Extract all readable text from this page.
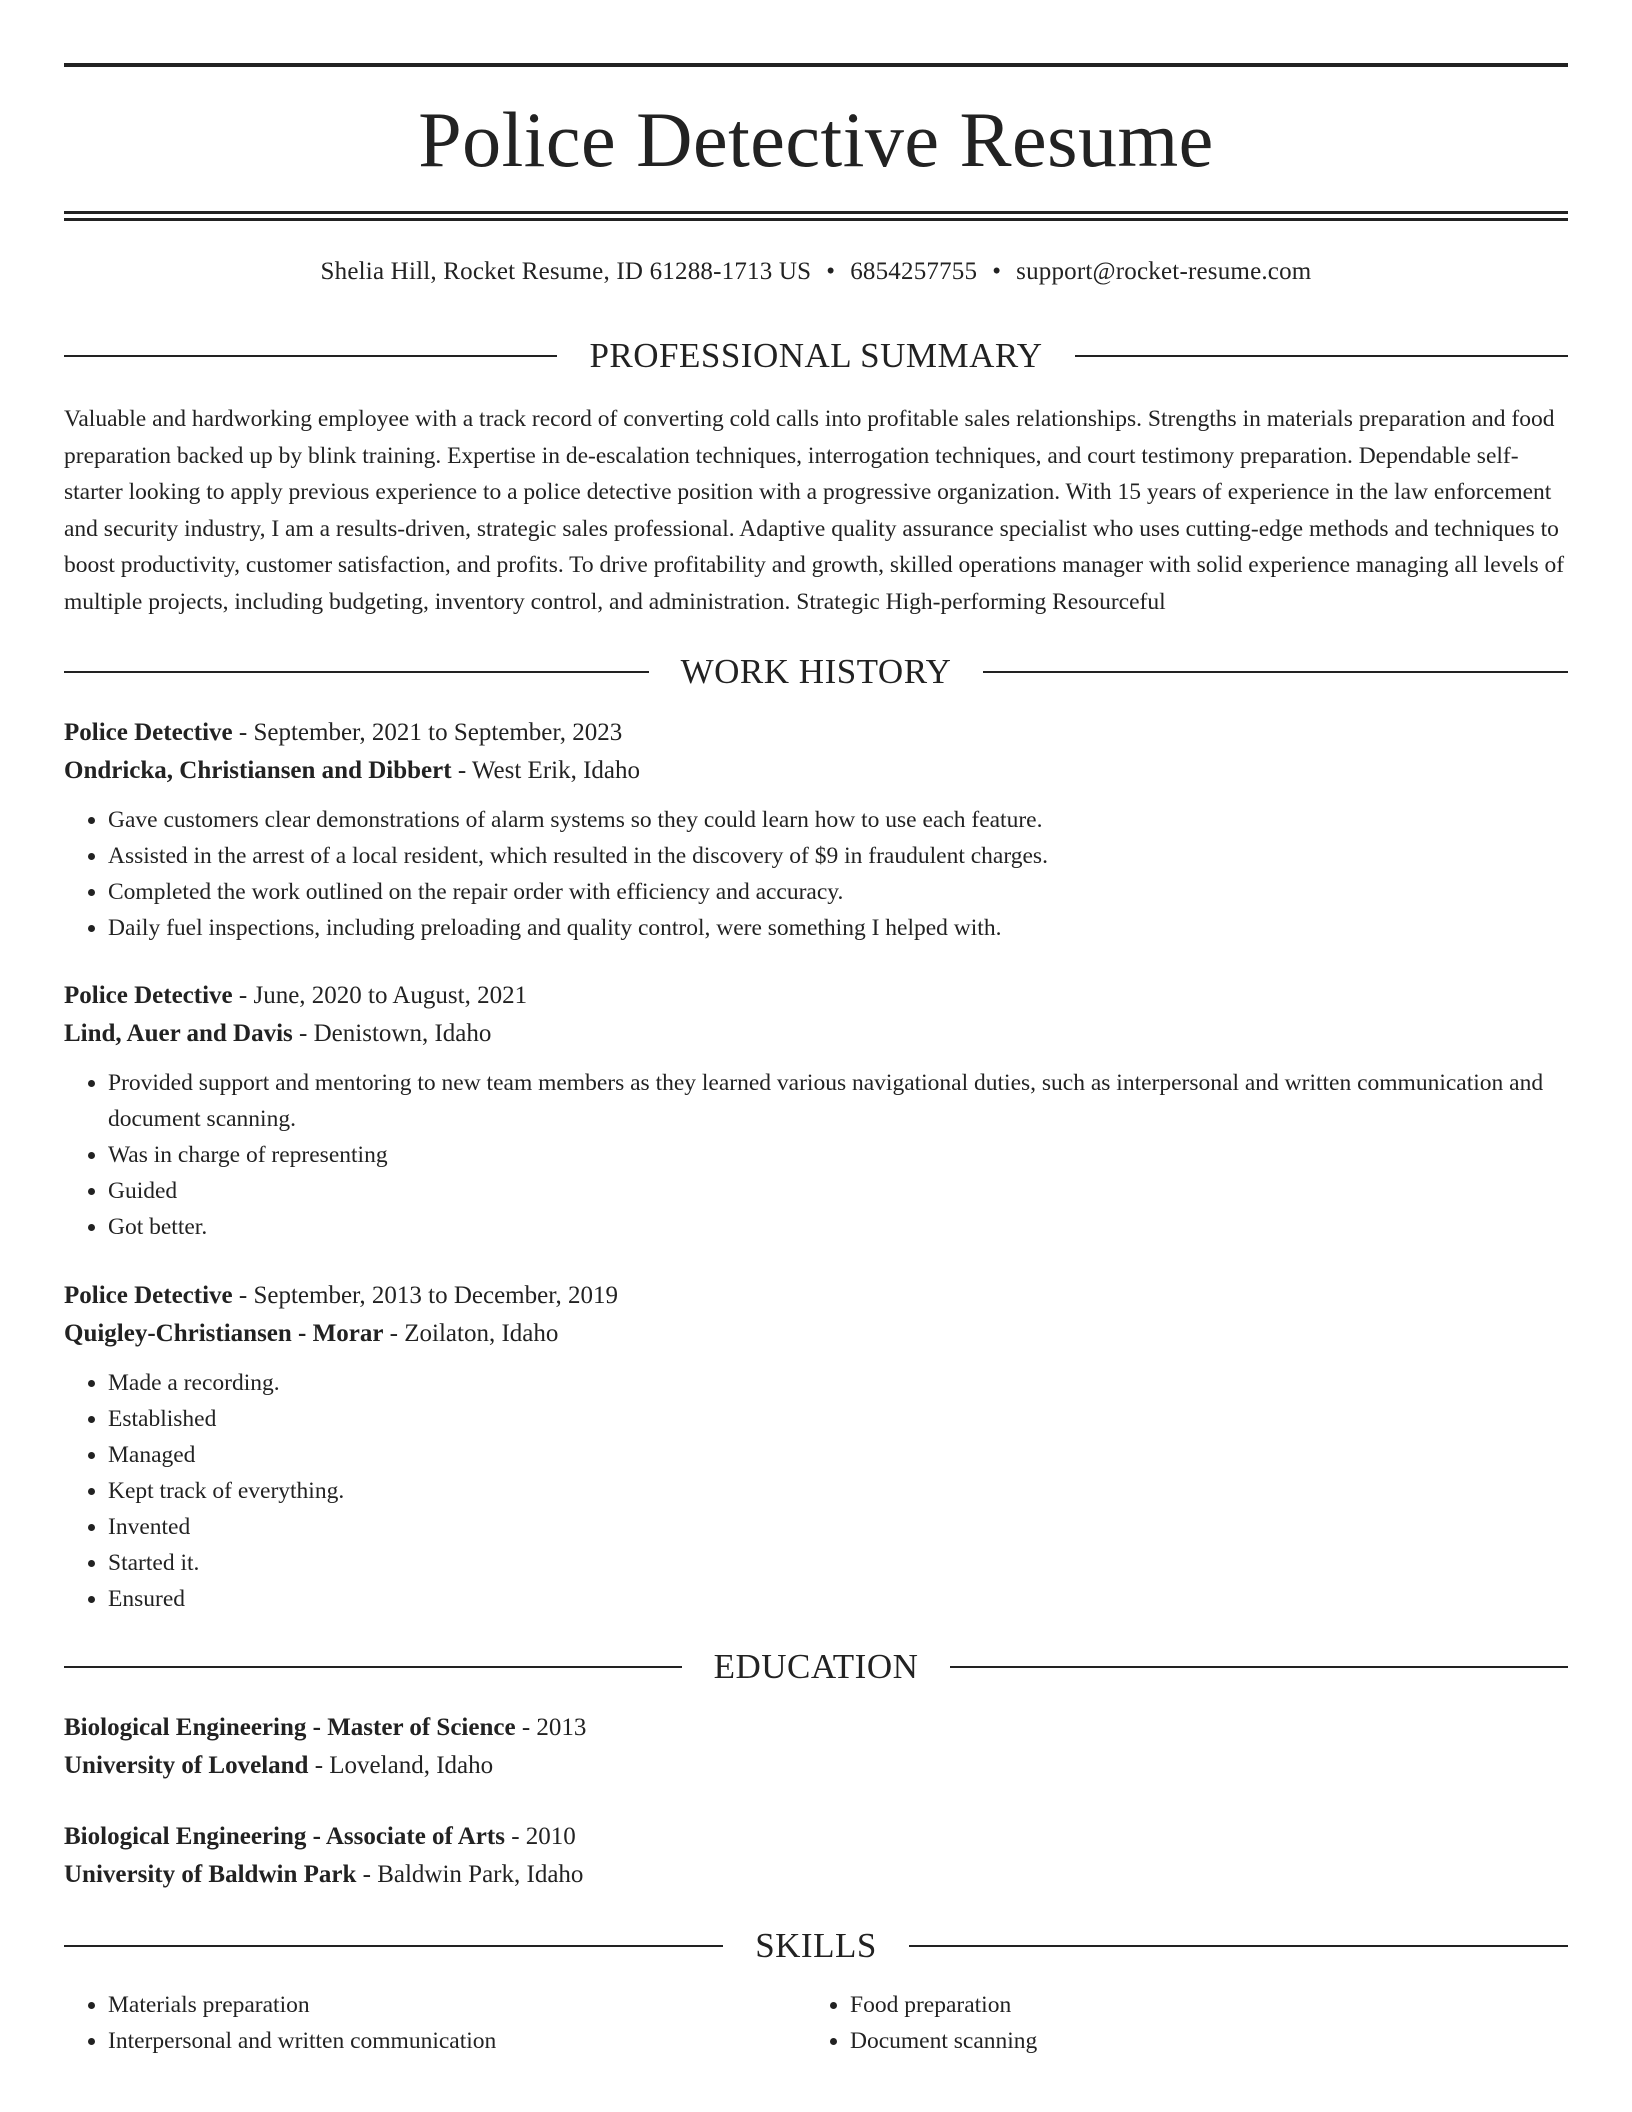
Police Detective Resume
Shelia Hill, Rocket Resume, ID 61288-1713 US • 6854257755 • support@rocket-resume.com
PROFESSIONAL SUMMARY
Valuable and hardworking employee with a track record of converting cold calls into profitable sales relationships. Strengths in materials preparation and food preparation backed up by blink training. Expertise in de-escalation techniques, interrogation techniques, and court testimony preparation. Dependable self-starter looking to apply previous experience to a police detective position with a progressive organization. With 15 years of experience in the law enforcement and security industry, I am a results-driven, strategic sales professional. Adaptive quality assurance specialist who uses cutting-edge methods and techniques to boost productivity, customer satisfaction, and profits. To drive profitability and growth, skilled operations manager with solid experience managing all levels of multiple projects, including budgeting, inventory control, and administration. Strategic High-performing Resourceful
WORK HISTORY
Police Detective - September, 2021 to September, 2023
Ondricka, Christiansen and Dibbert - West Erik, Idaho
• Gave customers clear demonstrations of alarm systems so they could learn how to use each feature.
• Assisted in the arrest of a local resident, which resulted in the discovery of $9 in fraudulent charges.
• Completed the work outlined on the repair order with efficiency and accuracy.
• Daily fuel inspections, including preloading and quality control, were something I helped with.
Police Detective - June, 2020 to August, 2021
Lind, Auer and Davis - Denistown, Idaho
• Provided support and mentoring to new team members as they learned various navigational duties, such as interpersonal and written communication and document scanning.
• Was in charge of representing
• Guided
• Got better.
Police Detective - September, 2013 to December, 2019
Quigley-Christiansen - Morar - Zoilaton, Idaho
• Made a recording.
• Established
• Managed
• Kept track of everything.
• Invented
• Started it.
• Ensured
EDUCATION
Biological Engineering - Master of Science - 2013
University of Loveland - Loveland, Idaho
Biological Engineering - Associate of Arts - 2010
University of Baldwin Park - Baldwin Park, Idaho
SKILLS
• Materials preparation
• Interpersonal and written communication
• Food preparation
• Document scanning
